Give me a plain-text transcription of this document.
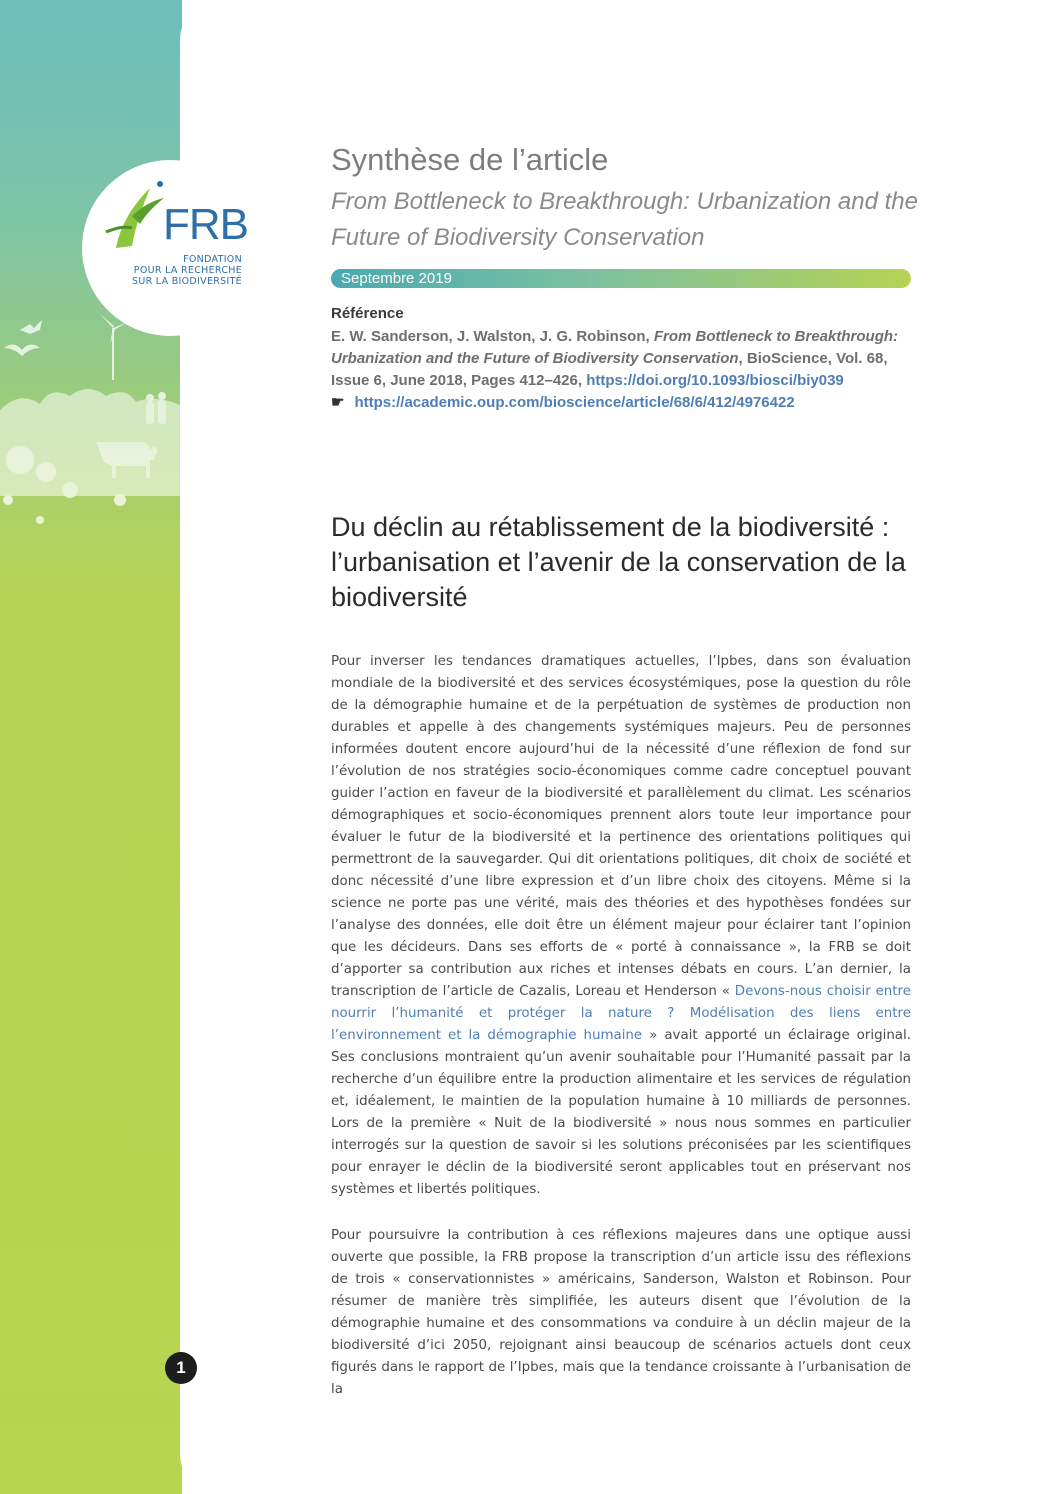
FRB
FONDATION
POUR LA RECHERCHE
SUR LA BIODIVERSITÉ
Synthèse de l’article
From Bottleneck to Breakthrough: Urbanization and the Future of Biodiversity Conservation
Septembre 2019
Référence
E. W. Sanderson, J. Walston, J. G. Robinson, From Bottleneck to Breakthrough: Urbanization and the Future of Biodiversity Conservation, BioScience, Vol. 68, Issue 6, June 2018, Pages 412–426, https://doi.org/10.1093/biosci/biy039
☛ https://academic.oup.com/bioscience/article/68/6/412/4976422
Du déclin au rétablissement de la biodiversité : l’urbanisation et l’avenir de la conservation de la biodiversité

Pour inverser les tendances dramatiques actuelles, l’Ipbes, dans son évaluation mondiale de la biodiversité et des services écosystémiques, pose la question du rôle de la démographie humaine et de la perpétuation de systèmes de production non durables et appelle à des changements systémiques majeurs. Peu de personnes informées doutent encore aujourd’hui de la nécessité d’une réflexion de fond sur l’évolution de nos stratégies socio-économiques comme cadre conceptuel pouvant guider l’action en faveur de la biodiversité et parallèlement du climat. Les scénarios démographiques et socio-économiques prennent alors toute leur importance pour évaluer le futur de la biodiversité et la pertinence des orientations politiques qui permettront de la sauvegarder. Qui dit orientations politiques, dit choix de société et donc nécessité d’une libre expression et d’un libre choix des citoyens. Même si la science ne porte pas une vérité, mais des théories et des hypothèses fondées sur l’analyse des données, elle doit être un élément majeur pour éclairer tant l’opinion que les décideurs. Dans ses efforts de « porté à connaissance », la FRB se doit d’apporter sa contribution aux riches et intenses débats en cours. L’an dernier, la transcription de l’article de Cazalis, Loreau et Henderson « Devons-nous choisir entre nourrir l’humanité et protéger la nature ? Modélisation des liens entre l’environnement et la démographie humaine » avait apporté un éclairage original. Ses conclusions montraient qu’un avenir souhaitable pour l’Humanité passait par la recherche d’un équilibre entre la production alimentaire et les services de régulation et, idéalement, le maintien de la population humaine à 10 milliards de personnes. Lors de la première « Nuit de la biodiversité » nous nous sommes en particulier interrogés sur la question de savoir si les solutions préconisées par les scientifiques pour enrayer le déclin de la biodiversité seront applicables tout en préservant nos systèmes et libertés politiques.

Pour poursuivre la contribution à ces réflexions majeures dans une optique aussi ouverte que possible, la FRB propose la transcription d’un article issu des réflexions de trois « conservationnistes » américains, Sanderson, Walston et Robinson. Pour résumer de manière très simplifiée, les auteurs disent que l’évolution de la démographie humaine et des consommations va conduire à un déclin majeur de la biodiversité d’ici 2050, rejoignant ainsi beaucoup de scénarios actuels dont ceux figurés dans le rapport de l’Ipbes, mais que la tendance croissante à l’urbanisation de la

1
